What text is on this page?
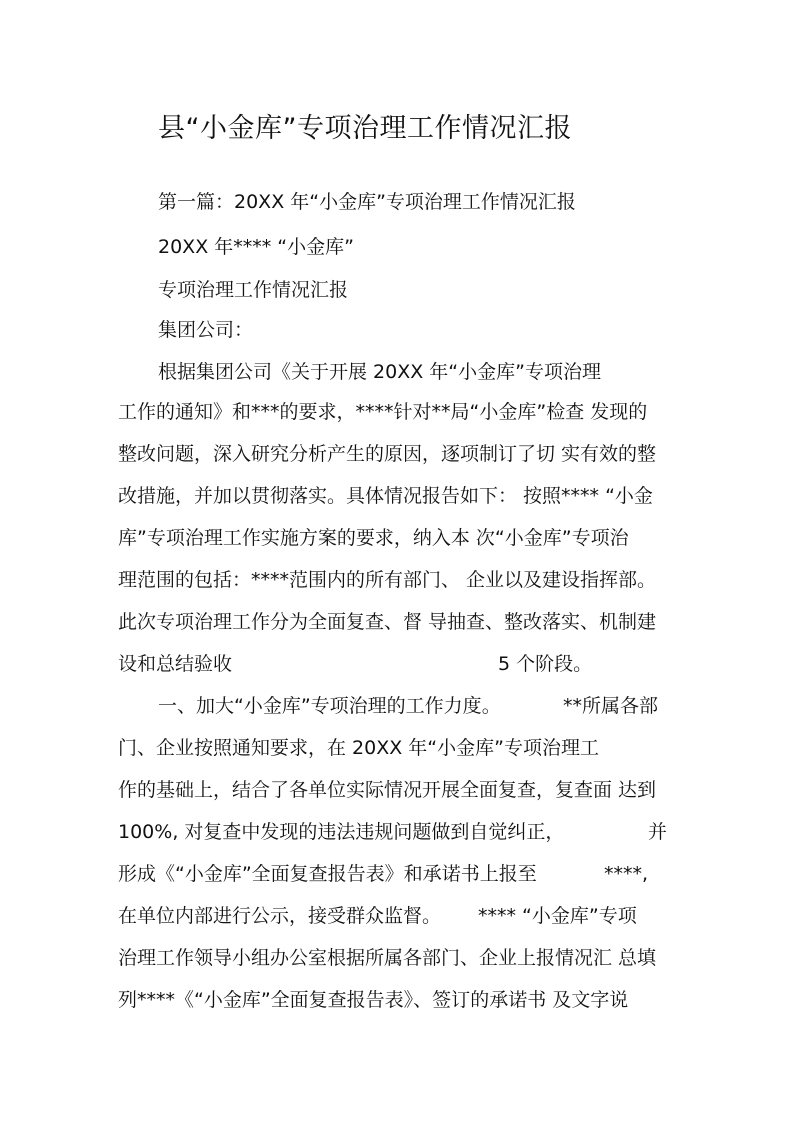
县“小金库”专项治理工作情况汇报
第一篇：20XX 年“小金库”专项治理工作情况汇报
20XX 年**** “小金库”
专项治理工作情况汇报
集团公司：
根据集团公司《关于开展 20XX 年“小金库”专项治理
工作的通知》和***的要求，****针对**局“小金库”检查 发现的
整改问题，深入研究分析产生的原因，逐项制订了切 实有效的整
改措施，并加以贯彻落实。具体情况报告如下： 按照**** “小金
库”专项治理工作实施方案的要求，纳入本 次“小金库”专项治
理范围的包括：****范围内的所有部门、 企业以及建设指挥部。
此次专项治理工作分为全面复查、督 导抽查、整改落实、机制建
设和总结验收	5 个阶段。
一、加大“小金库”专项治理的工作力度。	**所属各部
门、企业按照通知要求，在 20XX 年“小金库”专项治理工
作的基础上，结合了各单位实际情况开展全面复查，复查面 达到
100%, 对复查中发现的违法违规问题做到自觉纠正，	并
形成《“小金库”全面复查报告表》和承诺书上报至	****,
在单位内部进行公示，接受群众监督。 **** “小金库”专项
治理工作领导小组办公室根据所属各部门、企业上报情况汇 总填
列****《“小金库”全面复查报告表》、签订的承诺书 及文字说
